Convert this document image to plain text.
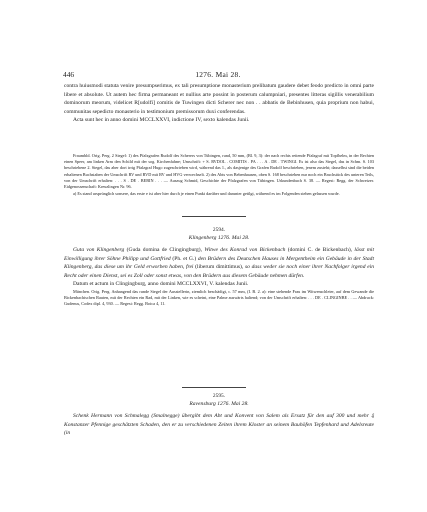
446	1276. Mai 28.

contra huiusmodi statuta venire presumpserimus, ex tali presumptione monasterium prelibatum gaudere debet feodo predicto in omni parte libere et absolute. Ut autem hec firma permaneant et nullius arte possint in posterum calumpniari, presentes litteras sigillis venerabilium dominorum meorum, videlicet R[udolfi] comitis de Tuwingen dicti Scherer nec non . . abbatis de Bebinhusen, quia proprium non habui, communitas sepedicto monasterio in testimonium premissorum duxi conferendas.

Acta sunt hec in anno domini MCCLXXVI, indictione IV, sexto kalendas Junii.

Fraumbld. Orig. Perg. 2 Siegel: 1) des Pfalzgrafen Rudolf des Scherers von Tübingen, rund, 50 mm, (Bl. 9, 3): der nach rechts reitende Pfalzgraf mit Topfhelm, in der Rechten einen Speer, am linken Arm den Schild mit der sog. Kirchenfahne; Umschrift: + S. RVDOL . COMITIS . PA . . . A . DE . TWINGI. Es ist also das Siegel, das in Schm. S. 103 beschriebene 2. Siegel, das aber dort irrig Pfalzgraf Hugo zugeschrieben wird, während das 1., als dasjenige des Grafen Rudolf beschrieben, jenem zusteht; dasselbst sind die beiden erhaltenen Buchstaben der Umschrift RV und RVD mit RV und HVG verwechselt. 2) des Abts von Bebenhausen, oben S. 168 beschrieben nur noch ein Bruchstück des unteren Teils, von der Umschrift erhalten: . . . S . DE . BEBIN . . . — Auszug Schmid, Geschichte der Pfalzgrafen von Tübingen. Urkundenbuch S. 38. — Regest: Regg. der Schweizer. Eidgenossenschaft: Kreuzlingen Nr. 96.

a) Es stand ursprünglich sonsere, das erste e ist aber hier durch je einen Punkt darüber und darunter getilgt, während es im Folgenden stehen gelassen wurde.

2594.

Klingenberg 1276. Mai 28.

Guta von Klingenberg (Guda domina de Clingingburg), Witwe des Konrad von Bickenbach (domini C. de Bickenbach), lässt mit Einwilligung ihrer Söhne Philipp und Gottfried (Ph. et G.) den Brüdern des Deutschen Hauses in Mergentheim ein Gebäude in der Stadt Klingenberg, das diese um ihr Geld erworben haben, frei (liberum dimittimus), so dass weder sie noch einer ihrer Nachfolger irgend ein Recht oder einen Dienst, sei es Zoll oder sonst etwas, von den Brüdern aus diesem Gebäude nehmen dürfen.

Datum et actum in Clingingburg, anno domini MCCLXXVI, V. kalendas Junii.

München. Orig. Perg. Anhangend das runde Siegel der Ausstellerin, ziemlich beschädigt, c. 57 mm, (I. B. 2. a): eine stehende Frau im Witwenschleier, auf dem Gewande die Bickenbachischen Rauten, mit der Rechten ein Rad, mit der Linken, wie es scheint, eine Palme auswärts haltend; von der Umschrift erhalten: . . . DE . CLINGINBE . . — Abdruck: Gudenus, Codex dipl. 4, 930. — Regest: Regg. Boica 4, 11.

2595.

Ravensburg 1276. Mai 28.

Schenk Hermann von Schmalegg (Smalnegge) übergibt dem Abt und Konvent von Salem als Ersatz für den auf 300 und mehr ₰ Konstanzer Pfennige geschätzten Schaden, den er zu verschiedenen Zeiten ihrem Kloster an seinem Bauhöfen Tepfenhard und Adelsreute (in
